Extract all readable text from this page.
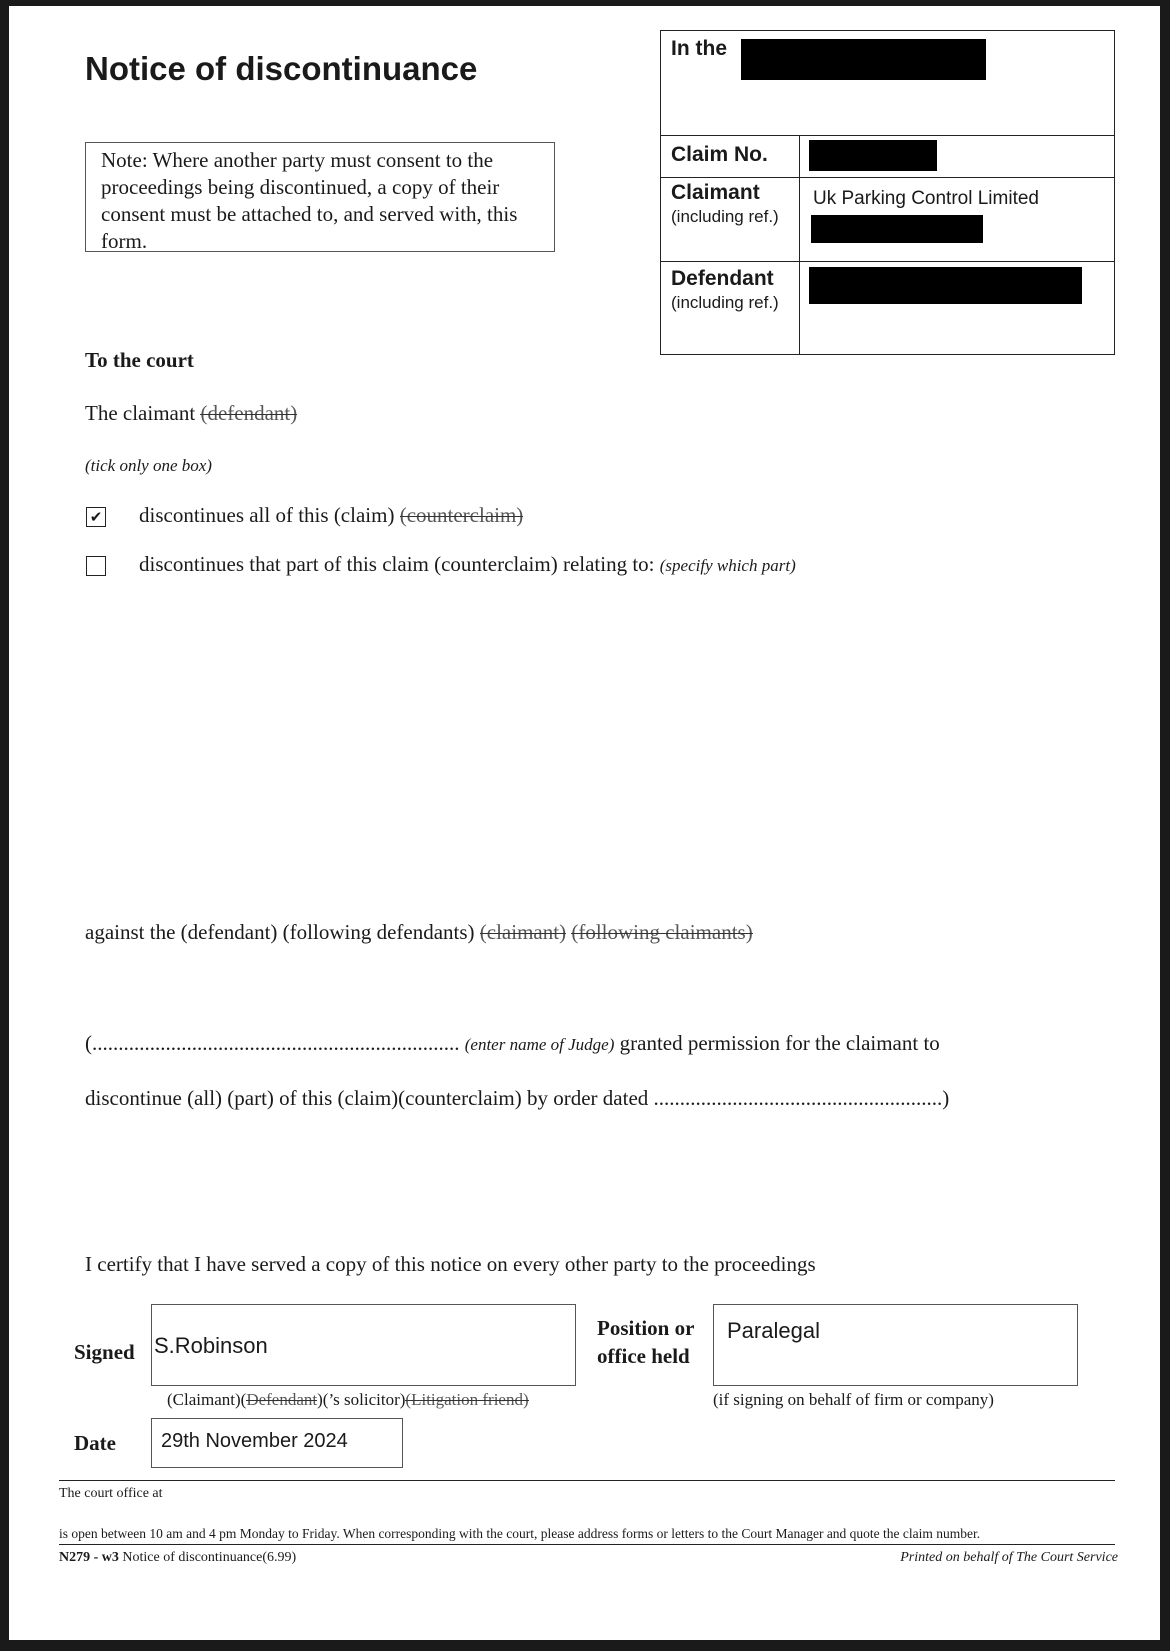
Notice of discontinuance
Note: Where another party must consent to the proceedings being discontinued, a copy of their consent must be attached to, and served with, this form.
In the
Claim No.
Claimant
(including ref.)
Uk Parking Control Limited
Defendant
(including ref.)
To the court
The claimant (defendant)
(tick only one box)
✔ discontinues all of this (claim) (counterclaim)
discontinues that part of this claim (counterclaim) relating to: (specify which part)
against the (defendant) (following defendants) (claimant) (following claimants)
(...................................................................... (enter name of Judge) granted permission for the claimant to
discontinue (all) (part) of this (claim)(counterclaim) by order dated .......................................................)
I certify that I have served a copy of this notice on every other party to the proceedings
Signed S.Robinson
(Claimant)(Defendant)(’s solicitor)(Litigation friend)
Position or
office held
Paralegal
(if signing on behalf of firm or company)
Date 29th November 2024
The court office at
is open between 10 am and 4 pm Monday to Friday. When corresponding with the court, please address forms or letters to the Court Manager and quote the claim number.
N279 - w3 Notice of discontinuance(6.99)	Printed on behalf of The Court Service
